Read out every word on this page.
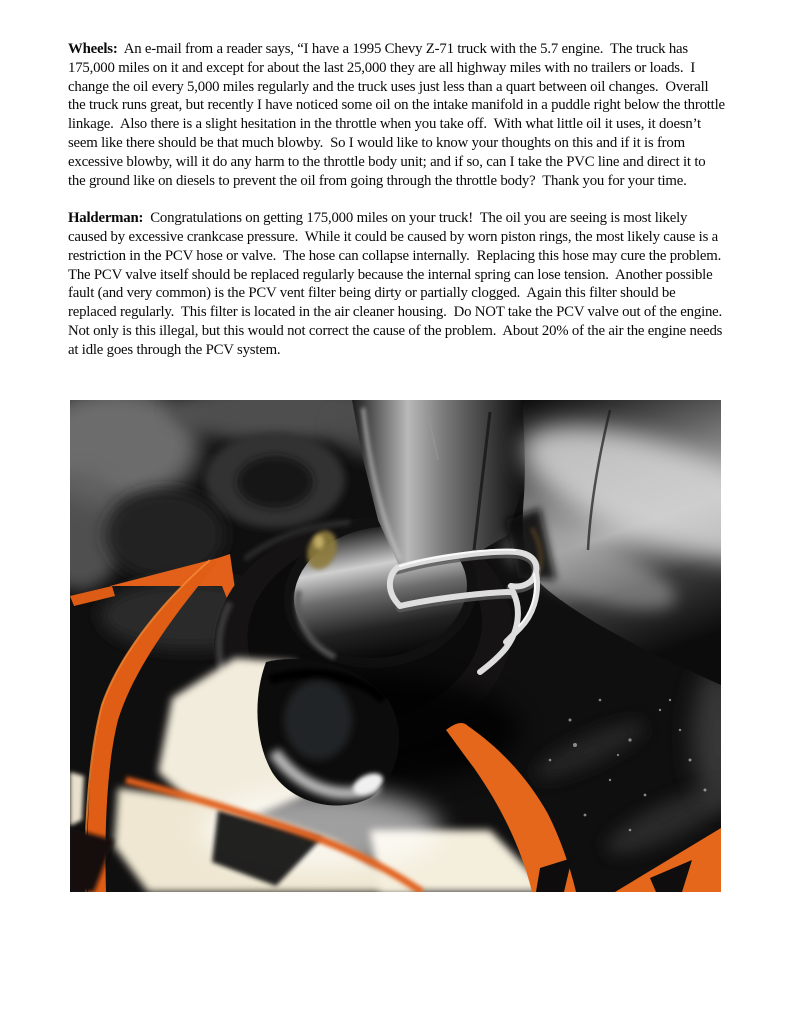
Wheels:  An e-mail from a reader says, “I have a 1995 Chevy Z-71 truck with the 5.7 engine.  The truck has 175,000 miles on it and except for about the last 25,000 they are all highway miles with no trailers or loads.  I change the oil every 5,000 miles regularly and the truck uses just less than a quart between oil changes.  Overall the truck runs great, but recently I have noticed some oil on the intake manifold in a puddle right below the throttle linkage.  Also there is a slight hesitation in the throttle when you take off.  With what little oil it uses, it doesn’t seem like there should be that much blowby.  So I would like to know your thoughts on this and if it is from excessive blowby, will it do any harm to the throttle body unit; and if so, can I take the PVC line and direct it to the ground like on diesels to prevent the oil from going through the throttle body?  Thank you for your time.

Halderman:  Congratulations on getting 175,000 miles on your truck!  The oil you are seeing is most likely caused by excessive crankcase pressure.  While it could be caused by worn piston rings, the most likely cause is a restriction in the PCV hose or valve.  The hose can collapse internally.  Replacing this hose may cure the problem.  The PCV valve itself should be replaced regularly because the internal spring can lose tension.  Another possible fault (and very common) is the PCV vent filter being dirty or partially clogged.  Again this filter should be replaced regularly.  This filter is located in the air cleaner housing.  Do NOT take the PCV valve out of the engine.  Not only is this illegal, but this would not correct the cause of the problem.  About 20% of the air the engine needs at idle goes through the PCV system.
